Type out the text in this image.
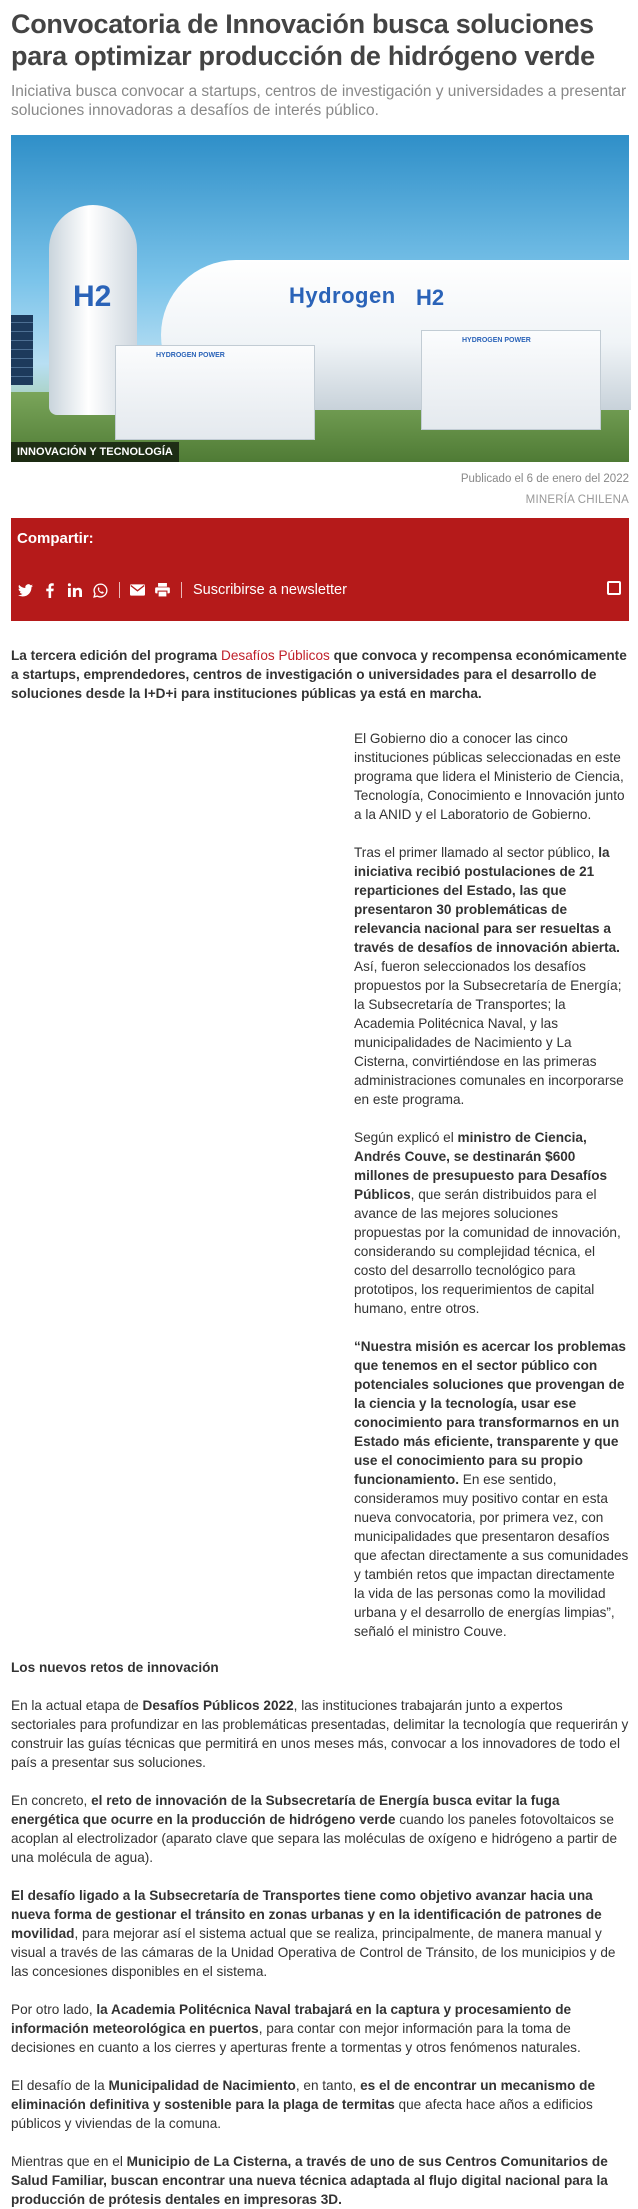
Convocatoria de Innovación busca soluciones para optimizar producción de hidrógeno verde

Iniciativa busca convocar a startups, centros de investigación y universidades a presentar soluciones innovadoras a desafíos de interés público.

HYDROGEN POWER
HYDROGEN POWER
H2	Hydrogen H2
INNOVACIÓN Y TECNOLOGÍA

Publicado el 6 de enero del 2022

MINERÍA CHILENA

Compartir:
Suscribirse a newsletter

La tercera edición del programa Desafíos Públicos que convoca y recompensa económicamente a startups, emprendedores, centros de investigación o universidades para el desarrollo de soluciones desde la I+D+i para instituciones públicas ya está en marcha.

El Gobierno dio a conocer las cinco instituciones públicas seleccionadas en este programa que lidera el Ministerio de Ciencia, Tecnología, Conocimiento e Innovación junto a la ANID y el Laboratorio de Gobierno.

Tras el primer llamado al sector público, la iniciativa recibió postulaciones de 21 reparticiones del Estado, las que presentaron 30 problemáticas de relevancia nacional para ser resueltas a través de desafíos de innovación abierta. Así, fueron seleccionados los desafíos propuestos por la Subsecretaría de Energía; la Subsecretaría de Transportes; la Academia Politécnica Naval, y las municipalidades de Nacimiento y La Cisterna, convirtiéndose en las primeras administraciones comunales en incorporarse en este programa.

Según explicó el ministro de Ciencia, Andrés Couve, se destinarán $600 millones de presupuesto para Desafíos Públicos, que serán distribuidos para el avance de las mejores soluciones propuestas por la comunidad de innovación, considerando su complejidad técnica, el costo del desarrollo tecnológico para prototipos, los requerimientos de capital humano, entre otros.

“Nuestra misión es acercar los problemas que tenemos en el sector público con potenciales soluciones que provengan de la ciencia y la tecnología, usar ese conocimiento para transformarnos en un Estado más eficiente, transparente y que use el conocimiento para su propio funcionamiento. En ese sentido, consideramos muy positivo contar en esta nueva convocatoria, por primera vez, con municipalidades que presentaron desafíos que afectan directamente a sus comunidades y también retos que impactan directamente la vida de las personas como la movilidad urbana y el desarrollo de energías limpias”, señaló el ministro Couve.

Los nuevos retos de innovación

En la actual etapa de Desafíos Públicos 2022, las instituciones trabajarán junto a expertos sectoriales para profundizar en las problemáticas presentadas, delimitar la tecnología que requerirán y construir las guías técnicas que permitirá en unos meses más, convocar a los innovadores de todo el país a presentar sus soluciones.

En concreto, el reto de innovación de la Subsecretaría de Energía busca evitar la fuga energética que ocurre en la producción de hidrógeno verde cuando los paneles fotovoltaicos se acoplan al electrolizador (aparato clave que separa las moléculas de oxígeno e hidrógeno a partir de una molécula de agua).

El desafío ligado a la Subsecretaría de Transportes tiene como objetivo avanzar hacia una nueva forma de gestionar el tránsito en zonas urbanas y en la identificación de patrones de movilidad, para mejorar así el sistema actual que se realiza, principalmente, de manera manual y visual a través de las cámaras de la Unidad Operativa de Control de Tránsito, de los municipios y de las concesiones disponibles en el sistema.

Por otro lado, la Academia Politécnica Naval trabajará en la captura y procesamiento de información meteorológica en puertos, para contar con mejor información para la toma de decisiones en cuanto a los cierres y aperturas frente a tormentas y otros fenómenos naturales.

El desafío de la Municipalidad de Nacimiento, en tanto, es el de encontrar un mecanismo de eliminación definitiva y sostenible para la plaga de termitas que afecta hace años a edificios públicos y viviendas de la comuna.

Mientras que en el Municipio de La Cisterna, a través de uno de sus Centros Comunitarios de Salud Familiar, buscan encontrar una nueva técnica adaptada al flujo digital nacional para la producción de prótesis dentales en impresoras 3D.
